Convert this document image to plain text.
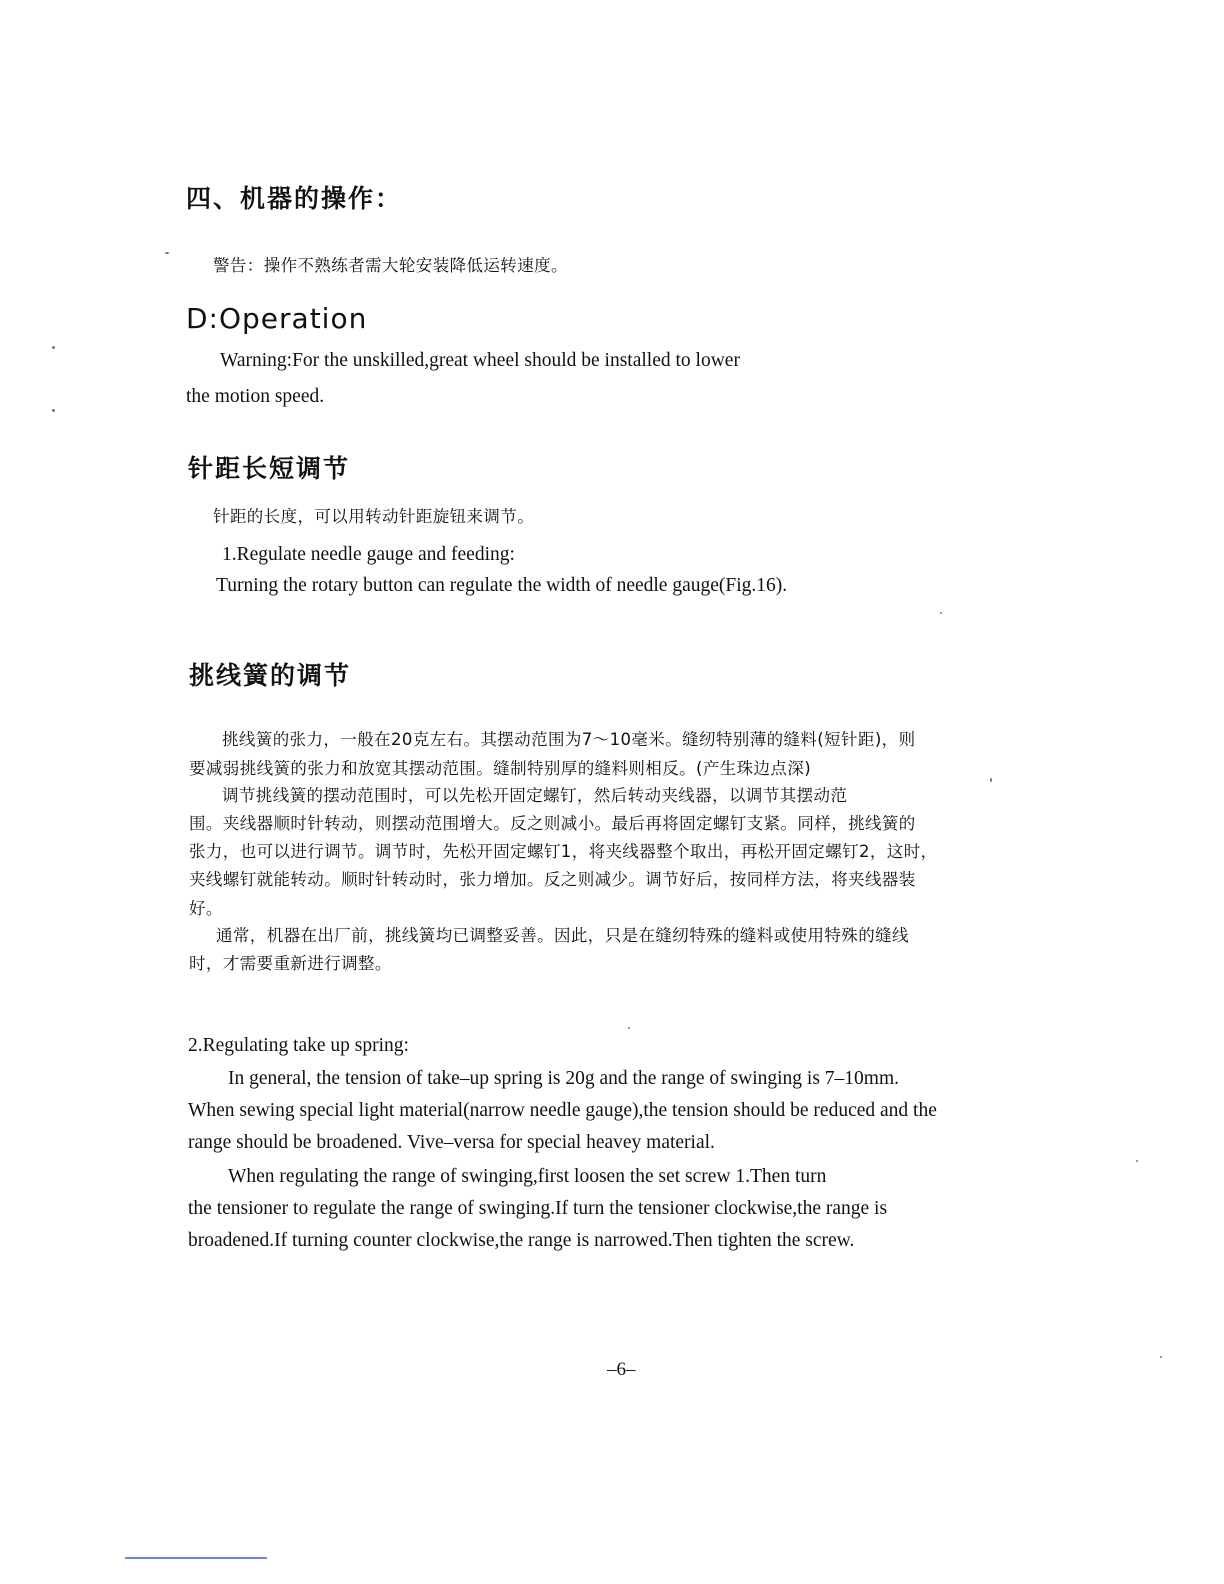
四、机器的操作：

警告：操作不熟练者需大轮安装降低运转速度。

D:Operation

Warning:For the unskilled,great wheel should be installed to lower

the motion speed.

针距长短调节

针距的长度，可以用转动针距旋钮来调节。

1.Regulate needle gauge and feeding:

Turning the rotary button can regulate the width of needle gauge(Fig.16).

挑线簧的调节

挑线簧的张力，一般在20克左右。其摆动范围为7～10毫米。缝纫特别薄的缝料(短针距)，则

要减弱挑线簧的张力和放宽其摆动范围。缝制特别厚的缝料则相反。(产生珠边点深)

调节挑线簧的摆动范围时，可以先松开固定螺钉，然后转动夹线器，以调节其摆动范

围。夹线器顺时针转动，则摆动范围增大。反之则减小。最后再将固定螺钉支紧。同样，挑线簧的

张力，也可以进行调节。调节时，先松开固定螺钉1，将夹线器整个取出，再松开固定螺钉2，这时，

夹线螺钉就能转动。顺时针转动时，张力增加。反之则减少。调节好后，按同样方法，将夹线器装

好。

通常，机器在出厂前，挑线簧均已调整妥善。因此，只是在缝纫特殊的缝料或使用特殊的缝线

时，才需要重新进行调整。

2.Regulating take up spring:

In general, the tension of take–up spring is 20g and the range of swinging is 7–10mm.

When sewing special light material(narrow needle gauge),the tension should be reduced and the

range should be broadened. Vive–versa for special heavey material.

When regulating the range of swinging,first loosen the set screw 1.Then turn

the tensioner to regulate the range of swinging.If turn the tensioner clockwise,the range is

broadened.If turning counter clockwise,the range is narrowed.Then tighten the screw.

–6–
